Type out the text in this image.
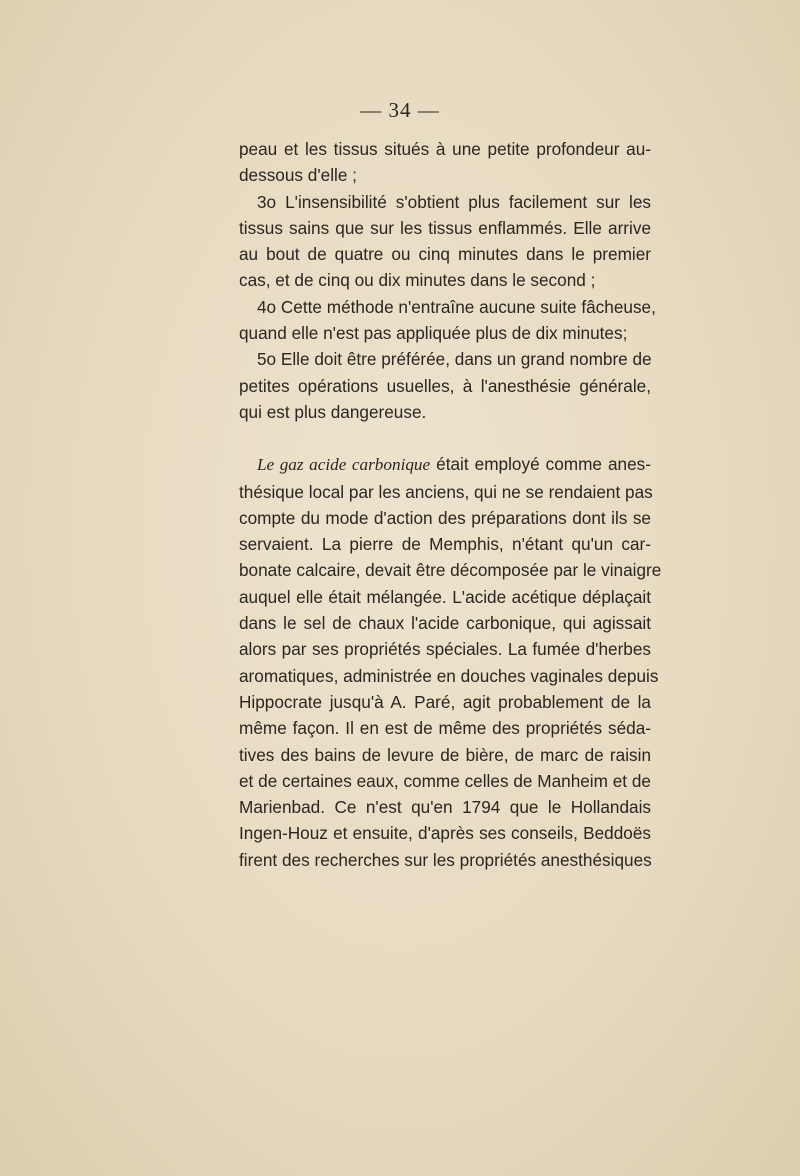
— 34 —
peau et les tissus situés à une petite profondeur au-
dessous d'elle ;
3o L'insensibilité s'obtient plus facilement sur les
tissus sains que sur les tissus enflammés. Elle arrive
au bout de quatre ou cinq minutes dans le premier
cas, et de cinq ou dix minutes dans le second ;
4o Cette méthode n'entraîne aucune suite fâcheuse,
quand elle n'est pas appliquée plus de dix minutes;
5o Elle doit être préférée, dans un grand nombre de
petites opérations usuelles, à l'anesthésie générale,
qui est plus dangereuse.
Le gaz acide carbonique était employé comme anes-
thésique local par les anciens, qui ne se rendaient pas
compte du mode d'action des préparations dont ils se
servaient. La pierre de Memphis, n'étant qu'un car-
bonate calcaire, devait être décomposée par le vinaigre
auquel elle était mélangée. L'acide acétique déplaçait
dans le sel de chaux l'acide carbonique, qui agissait
alors par ses propriétés spéciales. La fumée d'herbes
aromatiques, administrée en douches vaginales depuis
Hippocrate jusqu'à A. Paré, agit probablement de la
même façon. Il en est de même des propriétés séda-
tives des bains de levure de bière, de marc de raisin
et de certaines eaux, comme celles de Manheim et de
Marienbad. Ce n'est qu'en 1794 que le Hollandais
Ingen-Houz et ensuite, d'après ses conseils, Beddoës
firent des recherches sur les propriétés anesthésiques
